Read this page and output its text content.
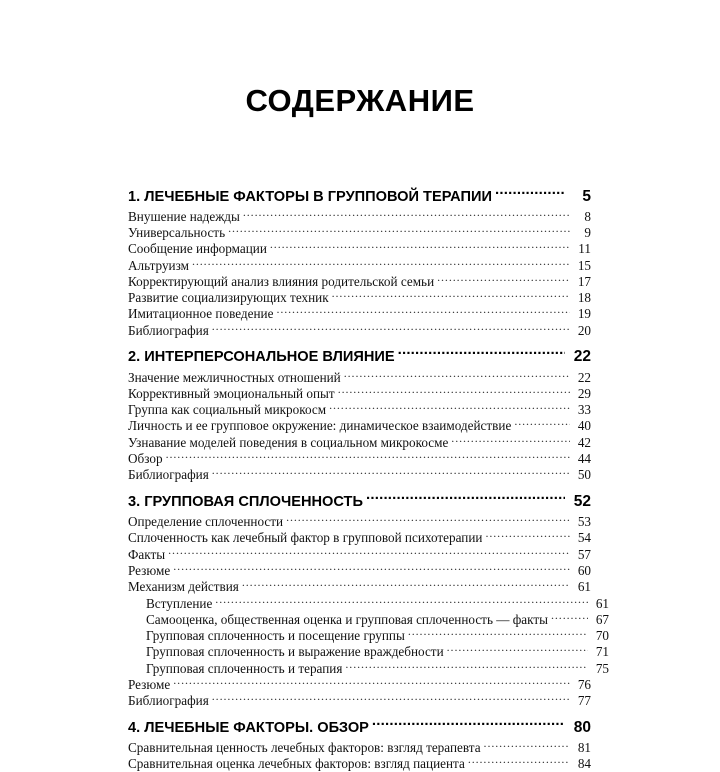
СОДЕРЖАНИЕ
1. ЛЕЧЕБНЫЕ ФАКТОРЫ В ГРУППОВОЙ ТЕРАПИИ .....	5
Внушение надежды .....	8
Универсальность .....	9
Сообщение информации .....	11
Альтруизм .....	15
Корректирующий анализ влияния родительской семьи .....	17
Развитие социализирующих техник .....	18
Имитационное поведение .....	19
Библиография .....	20
2. ИНТЕРПЕРСОНАЛЬНОЕ ВЛИЯНИЕ .....	22
Значение межличностных отношений .....	22
Коррективный эмоциональный опыт .....	29
Группа как социальный микрокосм .....	33
Личность и ее групповое окружение: динамическое взаимодействие .....	40
Узнавание моделей поведения в социальном микрокосме .....	42
Обзор .....	44
Библиография .....	50
3. ГРУППОВАЯ СПЛОЧЕННОСТЬ .....	52
Определение сплоченности .....	53
Сплоченность как лечебный фактор в групповой психотерапии .....	54
Факты .....	57
Резюме .....	60
Механизм действия .....	61
Вступление .....	61
Самооценка, общественная оценка и групповая сплоченность — факты .....	67
Групповая сплоченность и посещение группы .....	70
Групповая сплоченность и выражение враждебности .....	71
Групповая сплоченность и терапия .....	75
Резюме .....	76
Библиография .....	77
4. ЛЕЧЕБНЫЕ ФАКТОРЫ. ОБЗОР .....	80
Сравнительная ценность лечебных факторов: взгляд терапевта .....	81
Сравнительная оценка лечебных факторов: взгляд пациента .....	84
